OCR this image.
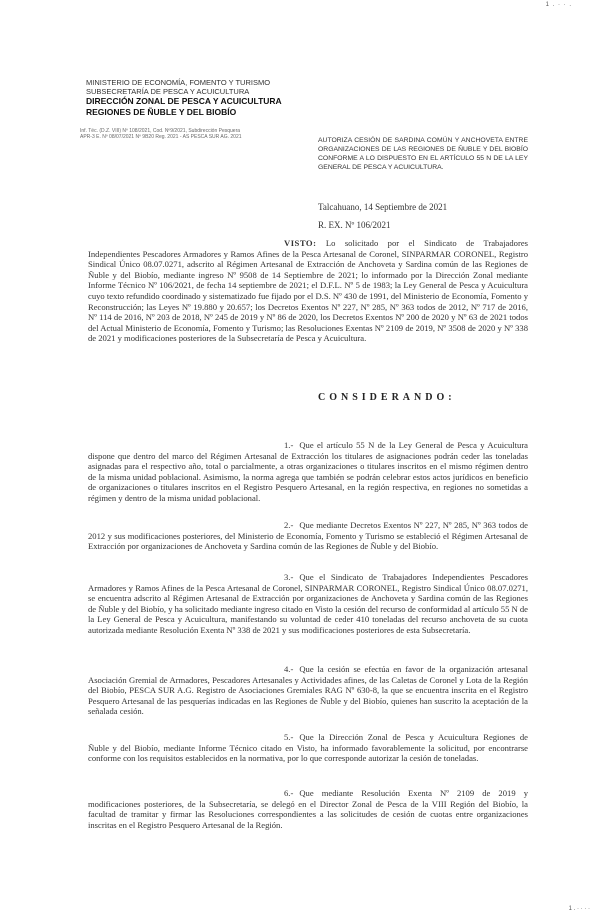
1 . · · .
MINISTERIO DE ECONOMÍA, FOMENTO Y TURISMO
SUBSECRETARÍA DE PESCA Y ACUICULTURA
DIRECCIÓN ZONAL DE PESCA Y ACUICULTURA
REGIONES DE ÑUBLE Y DEL BIOBÍO
Inf. Téc. (D.Z. VIII) Nº 108/2021, Cod. Nº9/2021, Subdirección Pesquera
APR-3 E. Nº 08/07/2021 Nº 9B20 Reg. 2021 - AS PESCA SUR AG. 2021	AUTORIZA CESIÓN DE SARDINA COMÚN Y ANCHOVETA ENTRE ORGANIZACIONES DE LAS REGIONES DE ÑUBLE Y DEL BIOBÍO CONFORME A LO DISPUESTO EN EL ARTÍCULO 55 N DE LA LEY GENERAL DE PESCA Y ACUICULTURA.
Talcahuano, 14 Septiembre de 2021
R. EX. Nº 106/2021
VISTO: Lo solicitado por el Sindicato de Trabajadores Independientes Pescadores Armadores y Ramos Afines de la Pesca Artesanal de Coronel, SINPARMAR CORONEL, Registro Sindical Único 08.07.0271, adscrito al Régimen Artesanal de Extracción de Anchoveta y Sardina común de las Regiones de Ñuble y del Biobío, mediante ingreso Nº 9508 de 14 Septiembre de 2021; lo informado por la Dirección Zonal mediante Informe Técnico Nº 106/2021, de fecha 14 septiembre de 2021; el D.F.L. Nº 5 de 1983; la Ley General de Pesca y Acuicultura cuyo texto refundido coordinado y sistematizado fue fijado por el D.S. Nº 430 de 1991, del Ministerio de Economía, Fomento y Reconstrucción; las Leyes Nº 19.880 y 20.657; los Decretos Exentos Nº 227, Nº 285, Nº 363 todos de 2012, Nº 717 de 2016, Nº 114 de 2016, Nº 203 de 2018, Nº 245 de 2019 y Nº 86 de 2020, los Decretos Exentos Nº 200 de 2020 y Nº 63 de 2021 todos del Actual Ministerio de Economía, Fomento y Turismo; las Resoluciones Exentas Nº 2109 de 2019, Nº 3508 de 2020 y Nº 338 de 2021 y modificaciones posteriores de la Subsecretaría de Pesca y Acuicultura.
CONSIDERANDO:
1.- Que el artículo 55 N de la Ley General de Pesca y Acuicultura dispone que dentro del marco del Régimen Artesanal de Extracción los titulares de asignaciones podrán ceder las toneladas asignadas para el respectivo año, total o parcialmente, a otras organizaciones o titulares inscritos en el mismo régimen dentro de la misma unidad poblacional. Asimismo, la norma agrega que también se podrán celebrar estos actos jurídicos en beneficio de organizaciones o titulares inscritos en el Registro Pesquero Artesanal, en la región respectiva, en regiones no sometidas a régimen y dentro de la misma unidad poblacional.
2.- Que mediante Decretos Exentos Nº 227, Nº 285, Nº 363 todos de 2012 y sus modificaciones posteriores, del Ministerio de Economía, Fomento y Turismo se estableció el Régimen Artesanal de Extracción por organizaciones de Anchoveta y Sardina común de las Regiones de Ñuble y del Biobío.
3.- Que el Sindicato de Trabajadores Independientes Pescadores Armadores y Ramos Afines de la Pesca Artesanal de Coronel, SINPARMAR CORONEL, Registro Sindical Único 08.07.0271, se encuentra adscrito al Régimen Artesanal de Extracción por organizaciones de Anchoveta y Sardina común de las Regiones de Ñuble y del Biobío, y ha solicitado mediante ingreso citado en Visto la cesión del recurso de conformidad al artículo 55 N de la Ley General de Pesca y Acuicultura, manifestando su voluntad de ceder 410 toneladas del recurso anchoveta de su cuota autorizada mediante Resolución Exenta Nº 338 de 2021 y sus modificaciones posteriores de esta Subsecretaría.
4.- Que la cesión se efectúa en favor de la organización artesanal Asociación Gremial de Armadores, Pescadores Artesanales y Actividades afines, de las Caletas de Coronel y Lota de la Región del Biobío, PESCA SUR A.G. Registro de Asociaciones Gremiales RAG Nº 630-8, la que se encuentra inscrita en el Registro Pesquero Artesanal de las pesquerías indicadas en las Regiones de Ñuble y del Biobío, quienes han suscrito la aceptación de la señalada cesión.
5.- Que la Dirección Zonal de Pesca y Acuicultura Regiones de Ñuble y del Biobío, mediante Informe Técnico citado en Visto, ha informado favorablemente la solicitud, por encontrarse conforme con los requisitos establecidos en la normativa, por lo que corresponde autorizar la cesión de toneladas.
6.- Que mediante Resolución Exenta Nº 2109 de 2019 y modificaciones posteriores, de la Subsecretaría, se delegó en el Director Zonal de Pesca de la VIII Región del Biobío, la facultad de tramitar y firmar las Resoluciones correspondientes a las solicitudes de cesión de cuotas entre organizaciones inscritas en el Registro Pesquero Artesanal de la Región.
1 . · · · ·
